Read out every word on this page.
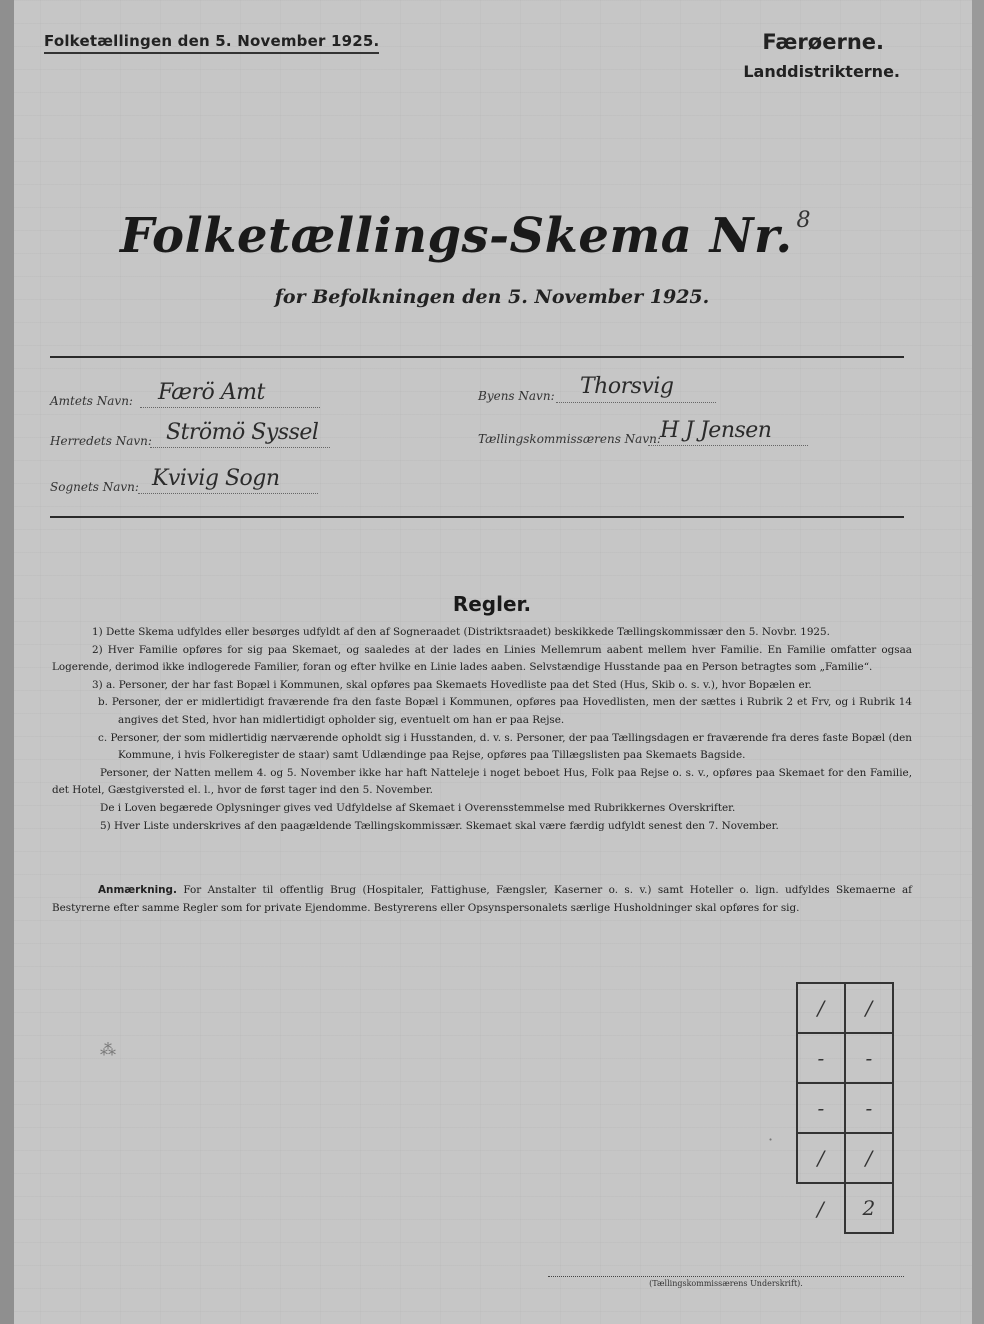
Folketællingen den 5. November 1925.	Færøerne.
Landdistrikterne.
Folketællings-Skema Nr. $^8$
for Befolkningen den 5. November 1925.
Amtets Navn: Færö Amt
Herredets Navn: Strömö Syssel
Sognets Navn: Kvivig Sogn
Byens Navn: Thorsvig
Tællingskommissærens Navn: H J Jensen
Regler.

1) Dette Skema udfyldes eller besørges udfyldt af den af Sogneraadet (Distriktsraadet) beskikkede Tællingskommissær den 5. Novbr. 1925.

2) Hver Familie opføres for sig paa Skemaet, og saaledes at der lades en Linies Mellemrum aabent mellem hver Familie. En Familie omfatter ogsaa Logerende, derimod ikke indlogerede Familier, foran og efter hvilke en Linie lades aaben. Selvstændige Husstande paa en Person betragtes som „Familie“.

3) a. Personer, der har fast Bopæl i Kommunen, skal opføres paa Skemaets Hovedliste paa det Sted (Hus, Skib o. s. v.), hvor Bopælen er.

b. Personer, der er midlertidigt fraværende fra den faste Bopæl i Kommunen, opføres paa Hovedlisten, men der sættes i Rubrik 2 et Frv, og i Rubrik 14 angives det Sted, hvor han midlertidigt opholder sig, eventuelt om han er paa Rejse.

c. Personer, der som midlertidig nærværende opholdt sig i Husstanden, d. v. s. Personer, der paa Tællingsdagen er fraværende fra deres faste Bopæl (den Kommune, i hvis Folkeregister de staar) samt Udlændinge paa Rejse, opføres paa Tillægslisten paa Skemaets Bagside.

Personer, der Natten mellem 4. og 5. November ikke har haft Natteleje i noget beboet Hus, Folk paa Rejse o. s. v., opføres paa Skemaet for den Familie, det Hotel, Gæstgiversted el. l., hvor de først tager ind den 5. November.

De i Loven begærede Oplysninger gives ved Udfyldelse af Skemaet i Overensstemmelse med Rubrikkernes Overskrifter.

5) Hver Liste underskrives af den paagældende Tællingskommissær. Skemaet skal være færdig udfyldt senest den 7. November.

Anmærkning. For Anstalter til offentlig Brug (Hospitaler, Fattighuse, Fængsler, Kaserner o. s. v.) samt Hoteller o. lign. udfyldes Skemaerne af Bestyrerne efter samme Regler som for private Ejendomme. Bestyrerens eller Opsynspersonalets særlige Husholdninger skal opføres for sig.
⁂
·
/	/
-	-
-	-
/	/
/	2
(Tællingskommissærens Underskrift).
